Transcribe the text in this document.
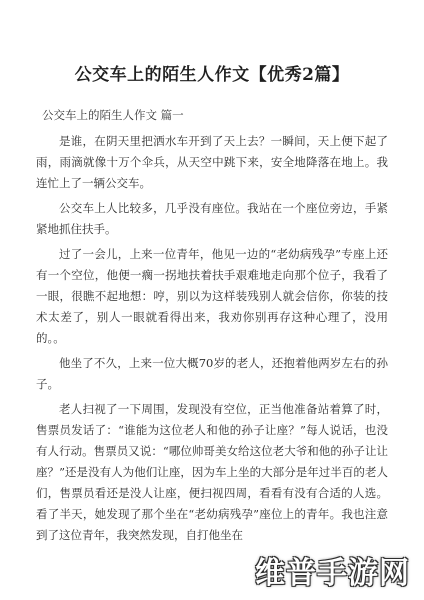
公交车上的陌生人作文【优秀2篇】
公交车上的陌生人作文 篇一

是谁，在阴天里把洒水车开到了天上去？一瞬间，天上便下起了雨，雨滴就像十万个伞兵，从天空中跳下来，安全地降落在地上。我连忙上了一辆公交车。

公交车上人比较多，几乎没有座位。我站在一个座位旁边，手紧紧地抓住扶手。

过了一会儿，上来一位青年，他见一边的“老幼病残孕”专座上还有一个空位，他便一瘸一拐地扶着扶手艰难地走向那个位子，我看了一眼，很瞧不起地想：哼，别以为这样装残别人就会信你，你装的技术太差了，别人一眼就看得出来，我劝你别再存这种心理了，没用的。。

他坐了不久，上来一位大概70岁的老人，还抱着他两岁左右的孙子。

老人扫视了一下周围，发现没有空位，正当他准备站着算了时，售票员发话了：“谁能为这位老人和他的孙子让座？”每人说话，也没有人行动。售票员又说：“哪位帅哥美女给这位老大爷和他的孙子让让座？”还是没有人为他们让座，因为车上坐的大部分是年过半百的老人们，售票员看还是没人让座，便扫视四周，看看有没有合适的人选。看了半天，她发现了那个坐在“老幼病残孕”座位上的青年。我也注意到了这位青年，我突然发现，自打他坐在

维普手游网
